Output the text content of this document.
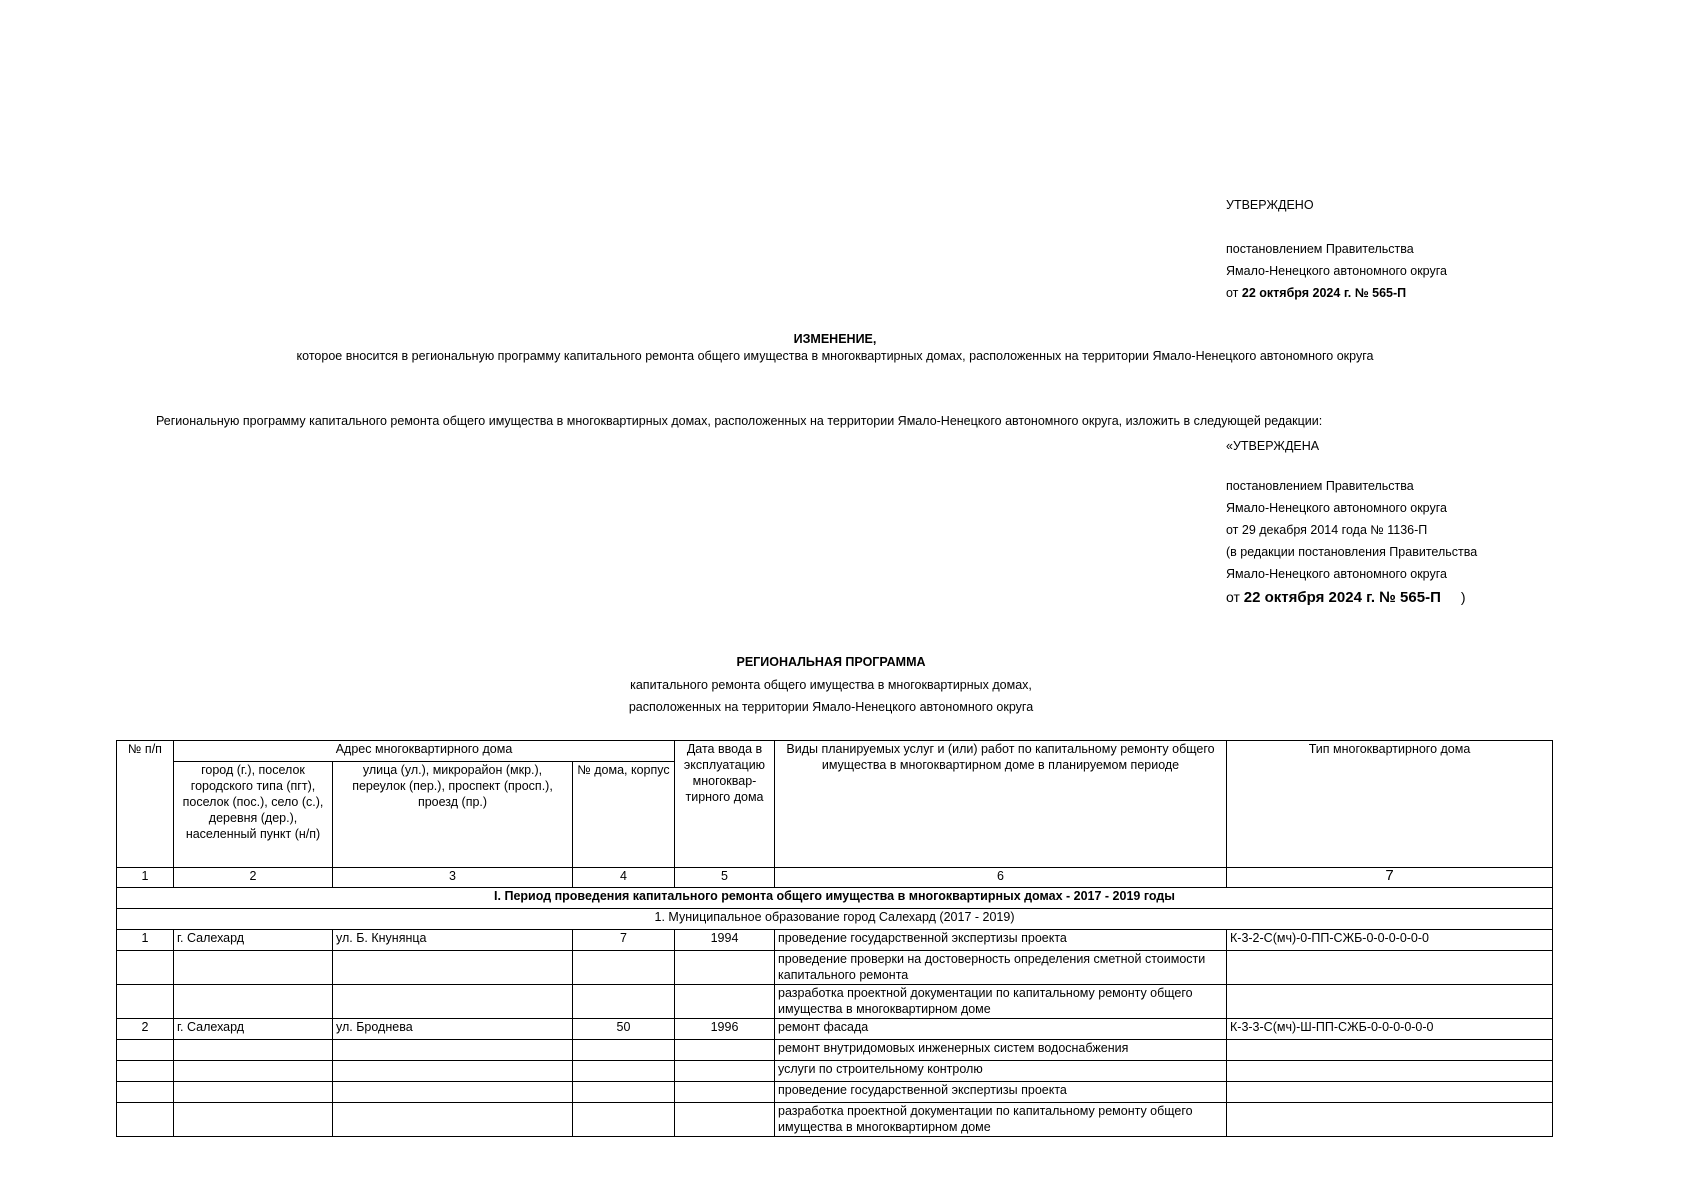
УТВЕРЖДЕНО
постановлением Правительства
Ямало-Ненецкого автономного округа
от 22 октября 2024 г. № 565-П
ИЗМЕНЕНИЕ,
которое вносится в региональную программу капитального ремонта общего имущества в многоквартирных домах, расположенных на территории Ямало-Ненецкого автономного округа
Региональную программу капитального ремонта общего имущества в многоквартирных домах, расположенных на территории Ямало-Ненецкого автономного округа, изложить в следующей редакции:
«УТВЕРЖДЕНА
постановлением Правительства
Ямало-Ненецкого автономного округа
от 29 декабря 2014 года № 1136-П
(в редакции постановления Правительства
Ямало-Ненецкого автономного округа
от 22 октября 2024 г. № 565-П )
РЕГИОНАЛЬНАЯ ПРОГРАММА
капитального ремонта общего имущества в многоквартирных домах,
расположенных на территории Ямало-Ненецкого автономного округа
№ п/п	Адрес многоквартирного дома			Дата ввода в эксплуатацию многоквар-тирного дома	Виды планируемых услуг и (или) работ по капитальному ремонту общего имущества в многоквартирном доме в планируемом периоде	Тип многоквартирного дома
	город (г.), поселок городского типа (пгт), поселок (пос.), село (с.), деревня (дер.), населенный пункт (н/п)	улица (ул.), микрорайон (мкр.), переулок (пер.), проспект (просп.), проезд (пр.)	№ дома, корпус			
1	2	3	4	5	6	7
I. Период проведения капитального ремонта общего имущества в многоквартирных домах - 2017 - 2019 годы						
1. Муниципальное образование город Салехард (2017 - 2019)						
1	г. Салехард	ул. Б. Кнунянца	7	1994	проведение государственной экспертизы проекта	К-3-2-С(мч)-0-ПП-СЖБ-0-0-0-0-0-0
					проведение проверки на достоверность определения сметной стоимости капитального ремонта	
					разработка проектной документации по капитальному ремонту общего имущества в многоквартирном доме	
2	г. Салехард	ул. Броднева	50	1996	ремонт фасада	К-3-3-С(мч)-Ш-ПП-СЖБ-0-0-0-0-0-0
					ремонт внутридомовых инженерных систем водоснабжения	
					услуги по строительному контролю	
					проведение государственной экспертизы проекта	
					разработка проектной документации по капитальному ремонту общего имущества в многоквартирном доме	
